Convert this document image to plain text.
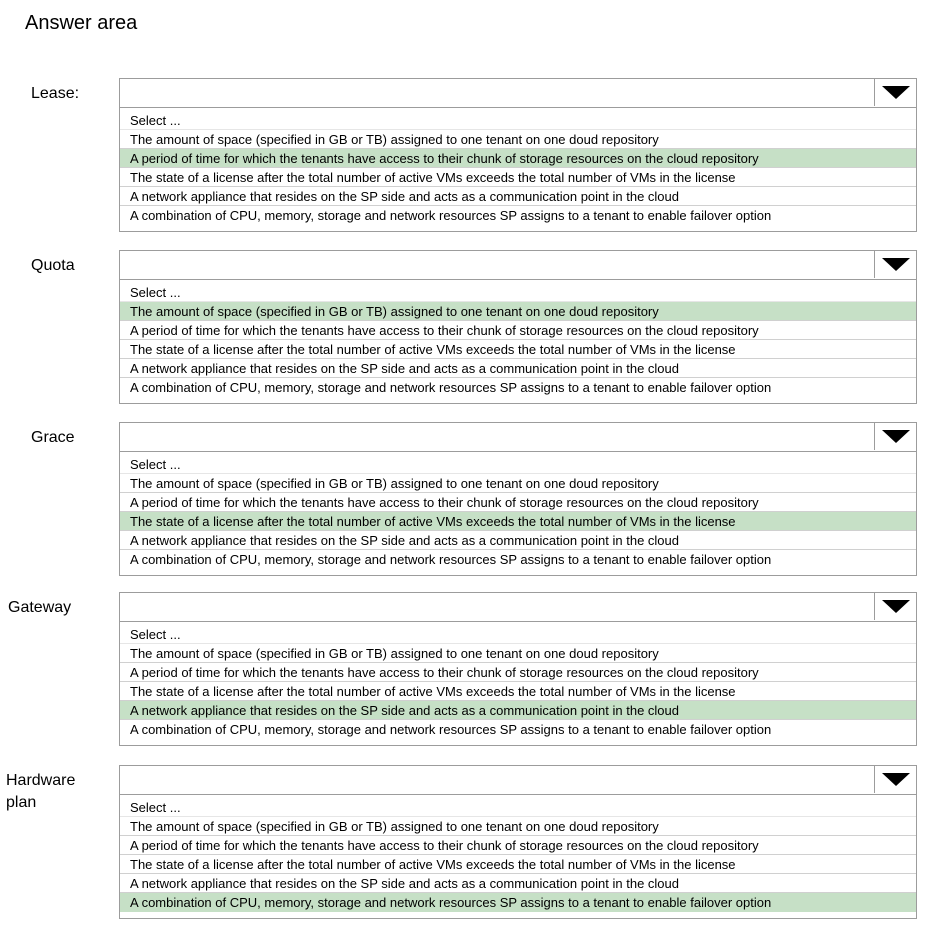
Answer area
Lease:
Select ...
The amount of space (specified in GB or TB) assigned to one tenant on one doud repository
A period of time for which the tenants have access to their chunk of storage resources on the cloud repository
The state of a license after the total number of active VMs exceeds the total number of VMs in the license
A network appliance that resides on the SP side and acts as a communication point in the cloud
A combination of CPU, memory, storage and network resources SP assigns to a tenant to enable failover option
Quota
Select ...
The amount of space (specified in GB or TB) assigned to one tenant on one doud repository
A period of time for which the tenants have access to their chunk of storage resources on the cloud repository
The state of a license after the total number of active VMs exceeds the total number of VMs in the license
A network appliance that resides on the SP side and acts as a communication point in the cloud
A combination of CPU, memory, storage and network resources SP assigns to a tenant to enable failover option
Grace
Select ...
The amount of space (specified in GB or TB) assigned to one tenant on one doud repository
A period of time for which the tenants have access to their chunk of storage resources on the cloud repository
The state of a license after the total number of active VMs exceeds the total number of VMs in the license
A network appliance that resides on the SP side and acts as a communication point in the cloud
A combination of CPU, memory, storage and network resources SP assigns to a tenant to enable failover option
Gateway
Select ...
The amount of space (specified in GB or TB) assigned to one tenant on one doud repository
A period of time for which the tenants have access to their chunk of storage resources on the cloud repository
The state of a license after the total number of active VMs exceeds the total number of VMs in the license
A network appliance that resides on the SP side and acts as a communication point in the cloud
A combination of CPU, memory, storage and network resources SP assigns to a tenant to enable failover option
Hardware plan	Select ...
The amount of space (specified in GB or TB) assigned to one tenant on one doud repository
A period of time for which the tenants have access to their chunk of storage resources on the cloud repository
The state of a license after the total number of active VMs exceeds the total number of VMs in the license
A network appliance that resides on the SP side and acts as a communication point in the cloud
A combination of CPU, memory, storage and network resources SP assigns to a tenant to enable failover option
